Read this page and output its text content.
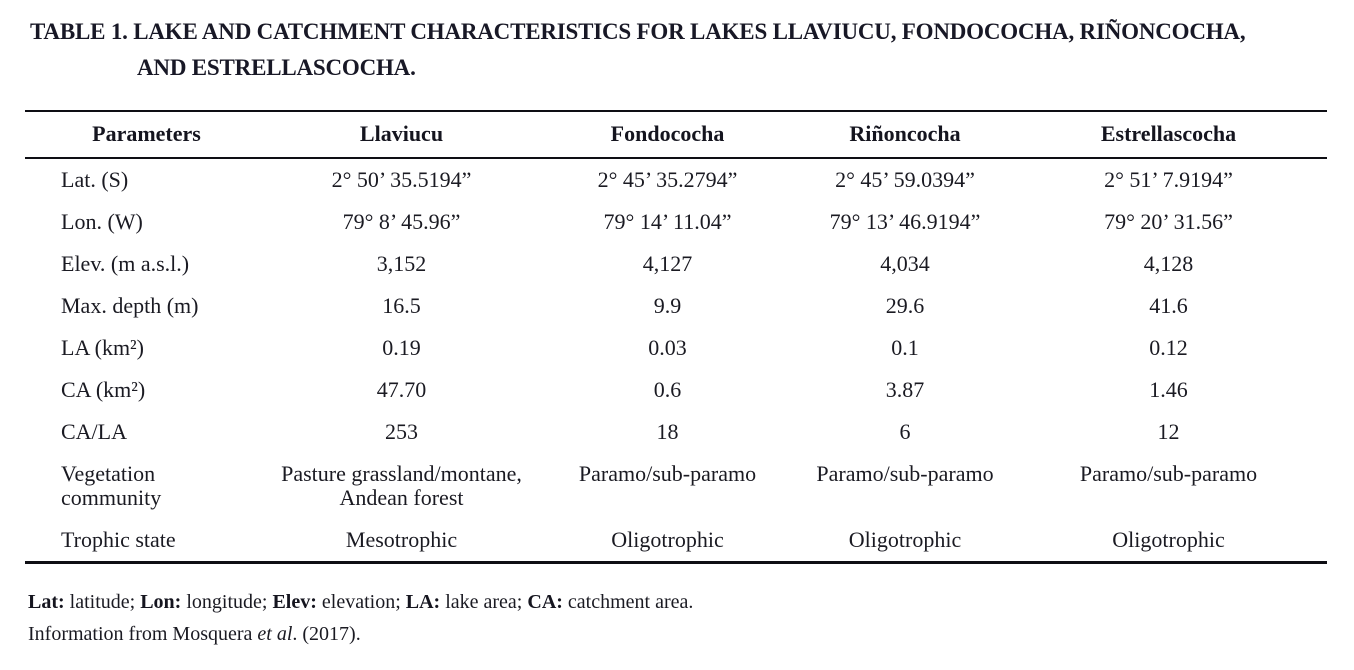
TABLE 1. LAKE AND CATCHMENT CHARACTERISTICS FOR LAKES LLAVIUCU, FONDOCOCHA, RIÑONCOCHA,
AND ESTRELLASCOCHA.
Parameters	Llaviucu	Fondococha	Riñoncocha	Estrellascocha
Lat. (S)	2° 50’ 35.5194”	2° 45’ 35.2794”	2° 45’ 59.0394”	2° 51’ 7.9194”
Lon. (W)	79° 8’ 45.96”	79° 14’ 11.04”	79° 13’ 46.9194”	79° 20’ 31.56”
Elev. (m a.s.l.)	3,152	4,127	4,034	4,128
Max. depth (m)	16.5	9.9	29.6	41.6
LA (km²)	0.19	0.03	0.1	0.12
CA (km²)	47.70	0.6	3.87	1.46
CA/LA	253	18	6	12
Vegetation community	Pasture grassland/montane, Andean forest	Paramo/sub-paramo	Paramo/sub-paramo	Paramo/sub-paramo
Trophic state	Mesotrophic	Oligotrophic	Oligotrophic	Oligotrophic
Lat: latitude; Lon: longitude; Elev: elevation; LA: lake area; CA: catchment area.
Information from Mosquera et al. (2017).
